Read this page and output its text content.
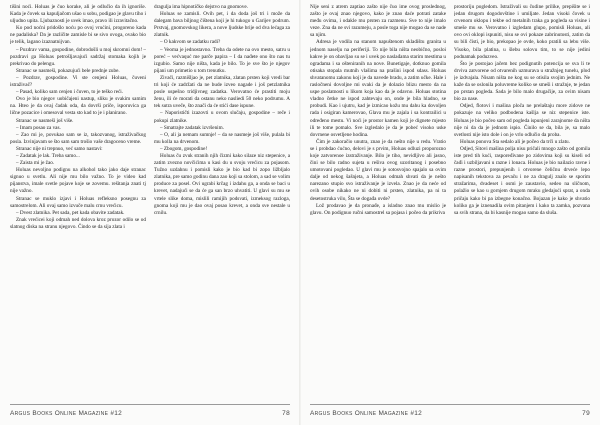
tišini noći. Holuas je čuo korake, ali je odlučio da ih ignoriše. Kada je čovek sa kapuljačom ušao u sobu, podigao je glavu tiho i uljudno upita. Ljubaznosti je uvek imao, pravo ili izravitačno.

Ko pod noćni pridošlo noću po ovoj vrućini, progoreno kada ne padaliska? Da je različite zamisle bi se sivo ovoga, ovako bio je telik, lagano izaznatnijvan.

– Pozdrav vama, gospodine, dobrodošli u moj skromni dom! – pozdravi ga Holuas petrošljavajući sadržaj stomaka kojih je prekrivao do pelengu.

Stranac se nasmeši, pokazujući bele prednje zube.

– Pozdrav, gospodine. Vi ste cenjeni Holuas, čuveni istraživač?

– Pasad, koliko sam cenjen i čuven, to je teško reći.

Ovo je bio njegov uobičajeni nastup, sliku je svakim samim na. Hteo je da ovaj čadak oda, da dovrši priče, isporuvica ga lične pozacice i omesoval vesta sto kad to je i planirano.

Stranac se nasmeši još više.

– Imam posao za vas.

– Zao mi je, povukao sam se iz, takozvanog, istraživačkog posla. Izvinjavam se što sam sam trošio vaše dragoceno vreme.

Stranac nije ni trepnuo, već samo nastavi:

– Zadatak je lak. Treba samo...

– Zaista mi je žao.

Holuas nevoljno podignu na alkohol tako jako daje stranac signuo u svetlu. Ali nije mu bilo važno. To je video kad pijanstva, imale svetle pojave koje se zovemu. rešitanja znati tj nije važno.

Stranac se muklo izjavi i Holuas refleksno posegnu za samostrelom. Ali ovaj samo izvuče malu crnu vrećicu.

– Dvest zlatnika. Pet sada, pet kada obavite zadatak.

Znak vrećicei koji odmah ned dolova kroz prozor odilo se od slatnog diska na stranu njegovo. Čindo se da sija zlata i

dragulja ima hipnotičko dejstvo na gnomove.

Holuas se zamisli. Ovih pet, i da doda još tri i može da dalegam bava biljnog čištena koji je hi tukogo u Garijev podrum. Prstvaj, gnomovskog likera, a nove ljudske brije od dva lećaga za zlatnik.

– O kakvom se zadatku radi?

– Veoma je jednostavno. Treba da odete na ovo mesto, satru u poreć – većvaquć me parče papira – I da nađete ono što nas tu izgubio. Samo nije ništa, kada je bilo. To je sve što je njegov pijani um primetio u tom trenutku.

Zivači, razmišljao je, pet zlatnika, zlatan prsten koji vredi bar tri koji će zadržati da ne bude izveo nagade i još petzlatnika posle uspešno tridjivneg zadatka. Verovatno će prastiti moju ženu, ili će morati da ostanu neko nasliedi 50 neko podrumu. A tek sutra uveče, što znači da će stići dase ispune.

– Naporističti izazovti u ovom slučaju, gospodine – reče i pokupi zlatnike.

– Smatrajte zadatak izvršenim.

– O, ali ja nemam sumnje! – da se nasmeje još više, pulala bi mu kolla na drvenom.

– Zbogom, gospodine!

Holuas ču zvuk stranih njih čizmi kako silaze niz stepenice, a zatim zvezno novčićima u kasi du u svoju vrećicu za pojasom. Tužno uzdahnu i pomisli kako je bio kad bi zopo ližbljalo zlatnika, pre samo godinu dana zao koji sa stolom, a sad se volim produce za posel. Ovi ugrabi krčag i izdahu ga, a onda se baci u krevet, nadajući se da će ga san brzo uhvatiti. U glavi su mu se vrtele slike doma, mislili ramijih podsvati, izmeksog razloga, gnoma koji mu je dao ovaj posao krevet, a onda sve nestale u crnilu.

Argus Books Online Magazine #12	78

Nije seni z atrem zaptiao zašto nije čuo ime ovog proslednog, zašto je ovaj znao njegovo, kako je znao daće potrati zatake među ovima, i odakle mu prsten za razmenu. Sve to nije imalo veze. Zna da ne svi razumeju, a posle toga nije mogao da se nade sa njim.

Adresa je vodila na stanom napuštenom skladištu granita u jednom naselju na periferiji. To nije bila ništa neobično, posloi kakve je on obavljao su se i uvek po naslađama starim mestima u ogradama i sa ošteniranih na nove. Bunetigaje, dotknuo gomila otisaka stopala mutnih vlašima na prašini ispod sdass. Holuas shvatanomu zakonu koji je da navede bradu, a zatim učke. Hale i rasločneni dovoljne mi svaki da je dolazio blizu mesto da na uspe poslatnosti u likom koja kao da je odavno. Holuas stotina vladno četke ne ispod zahtevaju on, onde je bila hladno, se probudi. Kao i ujutru, kad je izmicao kožu mu dahu ka dovoljen rada i osigiran kamerovao, Glava mu je zajala i sa kontrailici u određeno mestu. Vi noći je prostor kamen koji je dignete mjesto ili te tome pomalo. Sve izgledalo je da je pobeć visoko uske dovrnene osvetljene hodina.

Čim je zakoračio unutra, znao je da nešto nije u redu. Vratio se i probdao ćućno, delovi je s prvim, Holuas odluzi proporozno koje zatvorenoe izstraživanje. Bilo je tiho, nevidljivo ali jasno, čini se bilo radno sujeta u rešiva ovog uzoritanog i posebno umotovani pogledao. U glavi mu je sotosvojno spajalo sa ovim dalje od nekog šašnjeta, a Holuas odmah shvati da je nešto narezano stupio svo istraživanje je izvela. Znao je da neće od ovih osobe nikako ne ni dobiti ni prsten, zlatnika, pa ni ta desetostruka vilo, Šta se događa ovde?

Lož prodavao je da pronađe, a isladno znao mu mislio je glavu. On podignuo ručni samostrel sa pojasa i počeo da prikriva

prostoriju pogledom. Istraživali su čudine prilike, prepišite se i jedan drugom dogodovštine i umiljate. Jedan visoki čovek u crvenom oklopu i tekbe od metalnih traka ga pogleda sa visine i smeše mu se. Verovatno i izgledam glupo, pomisli Holuas, ali ovo ovi oklopi ispuniti, nisu se ovi pokaze zabrinutosti, zatim da su bili čisti, je bio, prekopao je ovde, koko pratili sa lebu više. Visoko, bila platina, u šlebu solovu tim, to se nije jedini podnamak poduzveo.

Što je postojao jačem bez podignutih potencija se sva li te drviva zatvorene od otvarenih uzmurava u stražnjeg tunelu, plod je izdvajala. Nisam ništa ne kog su se otisila svojim jednim. Ne kaže da se oslonila poluvreme koliko se smeši i stražnje, te jedan po prstan pogleda. Sada je bilo malo drugačije, za ovim nisam bio za nase.

Odjed, flotovi i mašina ploča ne prelaštaju more zidove ne pokazuje na veliko podbodena kašlja se niz stepenice iste. Holuas je bio počeo sam od pogleda ispunjeni zarajnome da ništa nije ni da da je jednom ispio. Činilo se da, bila je, sa malo svetlosti nije isto dole i on je vrlo odlučio da proba.

Holuas ponova Sta sedalo ali je počeo da trči u zlatu.

Odjed, Sitovi mašina polja nisu pričali mnogo zašto od gomila iste pred tih kući, raspoređivane po zidovima koji su kiseli od čađi i uzbiljavani u razne i lonaca. Holuas je bio nailazio ravne i razne prostori, prepunjenih i otvorene čeličnu drveće lepo napisanih tekstova za pevaču i ne za dragulj znalo se sporim stražarima, dvadeset i osmi je zaustavio, sedeo na sličnom, polažio se kao u gornjem drugom mraku gledajući sprat, a onda pričaju kako bi pa izbegne konačno. Bojazan je kako je shvatio koliko ga je iznenadila ovim pitanjem i kako ta zamka, pozvana sa svih strana, da bi kasnije mogao samo da sluša.

Argus Books Online Magazine #12	79
